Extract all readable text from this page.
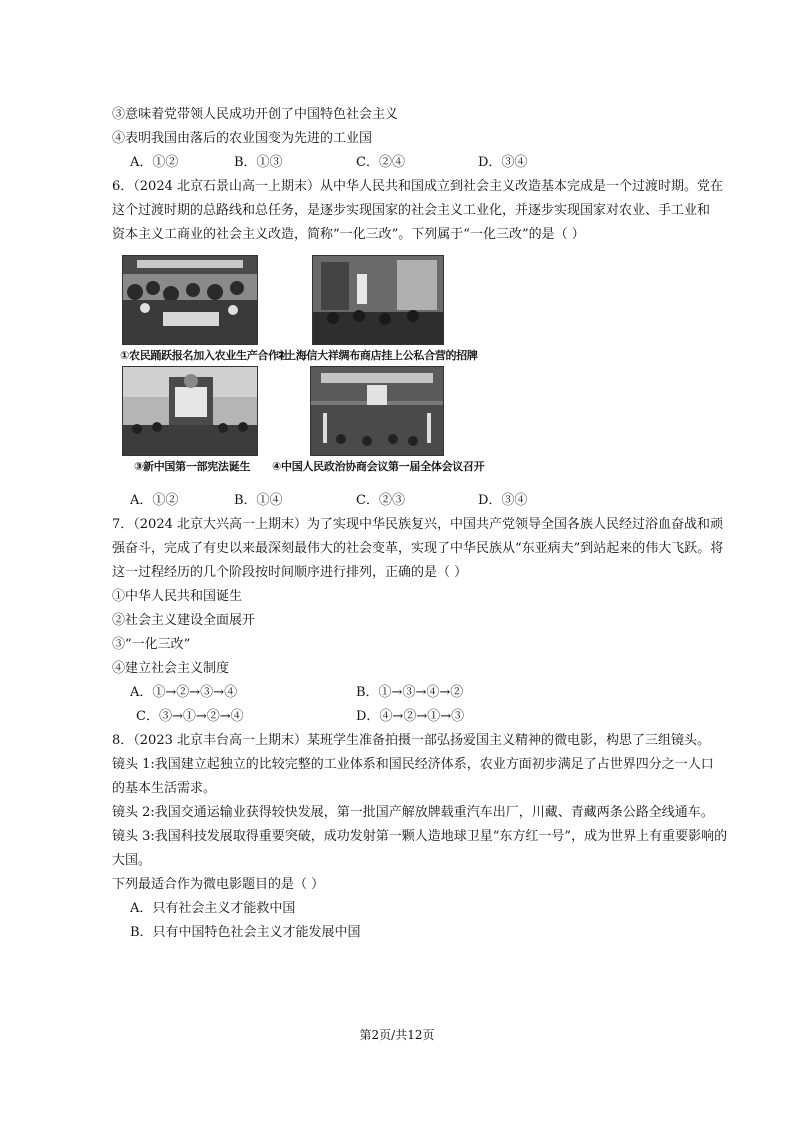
③意味着党带领人民成功开创了中国特色社会主义
④表明我国由落后的农业国变为先进的工业国
A．①②	B．①③	C．②④	D．③④
6．（2024 北京石景山高一上期末）从中华人民共和国成立到社会主义改造基本完成是一个过渡时期。党在
这个过渡时期的总路线和总任务，是逐步实现国家的社会主义工业化，并逐步实现国家对农业、手工业和
资本主义工商业的社会主义改造，简称“一化三改”。下列属于“一化三改”的是（ ）
①农民踊跃报名加入农业生产合作社
②上海信大祥绸布商店挂上公私合营的招牌
③新中国第一部宪法诞生 ④中国人民政治协商会议第一届全体会议召开
A．①②	B．①④	C．②③	D．③④
7．（2024 北京大兴高一上期末）为了实现中华民族复兴，中国共产党领导全国各族人民经过浴血奋战和顽
强奋斗，完成了有史以来最深刻最伟大的社会变革，实现了中华民族从“东亚病夫”到站起来的伟大飞跃。将
这一过程经历的几个阶段按时间顺序进行排列，正确的是（ ）
①中华人民共和国诞生
②社会主义建设全面展开
③“一化三改”
④建立社会主义制度
A．①→②→③→④	B．①→③→④→②
C．③→①→②→④	D．④→②→①→③
8．（2023 北京丰台高一上期末）某班学生准备拍摄一部弘扬爱国主义精神的微电影，构思了三组镜头。
镜头 1:我国建立起独立的比较完整的工业体系和国民经济体系，农业方面初步满足了占世界四分之一人口
的基本生活需求。
镜头 2:我国交通运输业获得较快发展，第一批国产解放牌载重汽车出厂，川藏、青藏两条公路全线通车。
镜头 3:我国科技发展取得重要突破，成功发射第一颗人造地球卫星“东方红一号”，成为世界上有重要影响的
大国。
下列最适合作为微电影题目的是（ ）
A．只有社会主义才能救中国
B．只有中国特色社会主义才能发展中国
第2页/共12页
